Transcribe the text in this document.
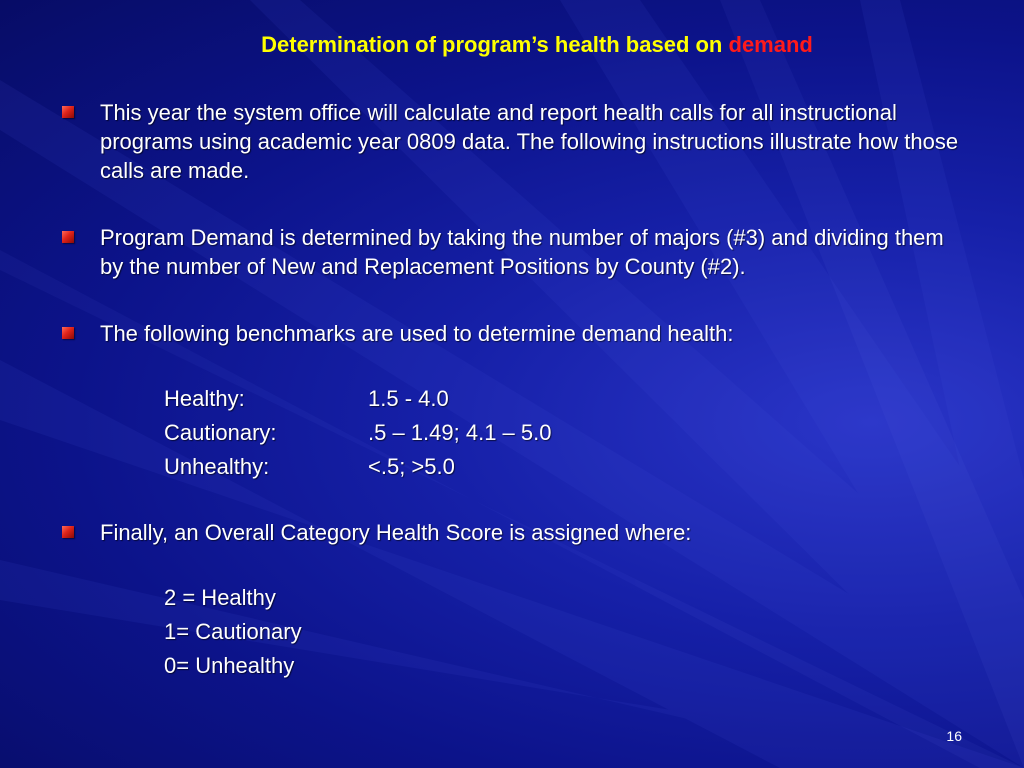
Determination of program’s health based on demand
This year the system office will calculate and report health calls for all instructional programs using academic year 0809 data. The following instructions illustrate how those calls are made.
Program Demand is determined by taking the number of majors (#3) and dividing them by the number of New and Replacement Positions by County (#2).
The following benchmarks are used to determine demand health:
Healthy:	1.5 - 4.0
Cautionary:	.5 – 1.49; 4.1 – 5.0
Unhealthy:	<.5; >5.0
Finally, an Overall Category Health Score is assigned where:
2 = Healthy
1= Cautionary
0= Unhealthy
16
